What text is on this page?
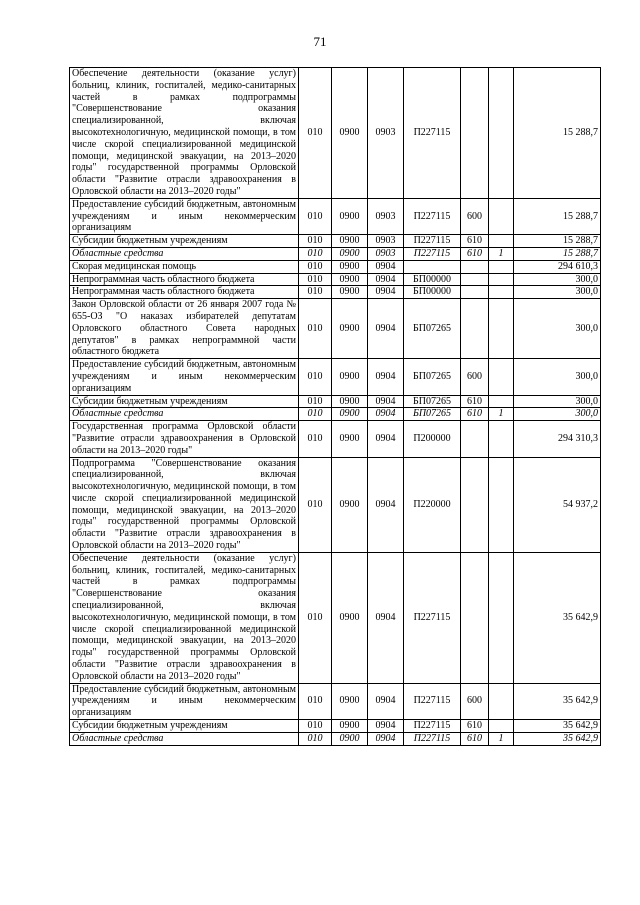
71
Обеспечение деятельности (оказание услуг) больниц, клиник, госпиталей, медико-санитарных частей в рамках подпрограммы "Совершенствование оказания специализированной, включая высокотехнологичную, медицинской помощи, в том числе скорой специализированной медицинской помощи, медицинской эвакуации, на 2013–2020 годы" государственной программы Орловской области "Развитие отрасли здравоохранения в Орловской области на 2013–2020 годы"	010	0900	0903	П227115			15 288,7
Предоставление субсидий бюджетным, автономным учреждениям и иным некоммерческим организациям	010	0900	0903	П227115	600		15 288,7
Субсидии бюджетным учреждениям	010	0900	0903	П227115	610		15 288,7
Областные средства	010	0900	0903	П227115	610	1	15 288,7
Скорая медицинская помощь	010	0900	0904				294 610,3
Непрограммная часть областного бюджета	010	0900	0904	БП00000			300,0
Непрограммная часть областного бюджета	010	0900	0904	БП00000			300,0
Закон Орловской области от 26 января 2007 года № 655-ОЗ "О наказах избирателей депутатам Орловского областного Совета народных депутатов" в рамках непрограммной части областного бюджета	010	0900	0904	БП07265			300,0
Предоставление субсидий бюджетным, автономным учреждениям и иным некоммерческим организациям	010	0900	0904	БП07265	600		300,0
Субсидии бюджетным учреждениям	010	0900	0904	БП07265	610		300,0
Областные средства	010	0900	0904	БП07265	610	1	300,0
Государственная программа Орловской области "Развитие отрасли здравоохранения в Орловской области на 2013–2020 годы"	010	0900	0904	П200000			294 310,3
Подпрограмма "Совершенствование оказания специализированной, включая высокотехнологичную, медицинской помощи, в том числе скорой специализированной медицинской помощи, медицинской эвакуации, на 2013–2020 годы" государственной программы Орловской области "Развитие отрасли здравоохранения в Орловской области на 2013–2020 годы"	010	0900	0904	П220000			54 937,2
Обеспечение деятельности (оказание услуг) больниц, клиник, госпиталей, медико-санитарных частей в рамках подпрограммы "Совершенствование оказания специализированной, включая высокотехнологичную, медицинской помощи, в том числе скорой специализированной медицинской помощи, медицинской эвакуации, на 2013–2020 годы" государственной программы Орловской области "Развитие отрасли здравоохранения в Орловской области на 2013–2020 годы"	010	0900	0904	П227115			35 642,9
Предоставление субсидий бюджетным, автономным учреждениям и иным некоммерческим организациям	010	0900	0904	П227115	600		35 642,9
Субсидии бюджетным учреждениям	010	0900	0904	П227115	610		35 642,9
Областные средства	010	0900	0904	П227115	610	1	35 642,9
